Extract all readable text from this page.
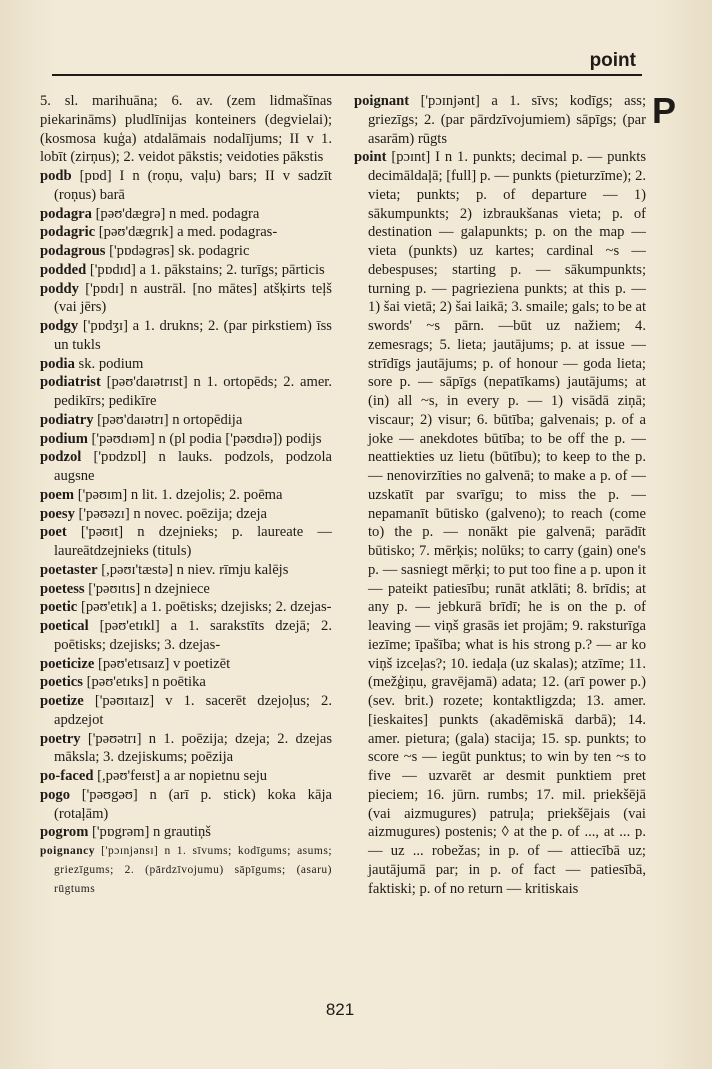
point
P

5. sl. marihuāna; 6. av. (zem lidmašīnas piekarināms) pludlīnijas konteiners (degvielai); (kosmosa kuģa) atdalāmais nodalījums; II v 1. lobīt (zirņus); 2. veidot pākstis; veidoties pākstis

podb [pɒd] I n (roņu, vaļu) bars; II v sadzīt (roņus) barā

podagra [pəʊ'dægrə] n med. podagra

podagric [pəʊ'dægrɪk] a med. podagras-

podagrous ['pɒdəgrəs] sk. podagric

podded ['pɒdɪd] a 1. pākstains; 2. turīgs; pārticis

poddy ['pɒdɪ] n austrāl. [no mātes] atšķirts teļš (vai jērs)

podgy ['pɒdʒɪ] a 1. drukns; 2. (par pirkstiem) īss un tukls

podia sk. podium

podiatrist [pəʊ'daɪətrɪst] n 1. ortopēds; 2. amer. pedikīrs; pedikīre

podiatry [pəʊ'daɪətrɪ] n ortopēdija

podium ['pəʊdɪəm] n (pl podia ['pəʊdɪə]) podijs

podzol ['pɒdzɒl] n lauks. podzols, podzola augsne

poem ['pəʊɪm] n lit. 1. dzejolis; 2. poēma

poesy ['pəʊəzɪ] n novec. poēzija; dzeja

poet ['pəʊɪt] n dzejnieks; p. laureate — laureātdzejnieks (tituls)

poetaster [,pəʊɪ'tæstə] n niev. rīmju kalējs

poetess ['pəʊɪtɪs] n dzejniece

poetic [pəʊ'etɪk] a 1. poētisks; dzejisks; 2. dzejas-

poetical [pəʊ'etɪkl] a 1. sarakstīts dzejā; 2. poētisks; dzejisks; 3. dzejas-

poeticize [pəʊ'etɪsaɪz] v poetizēt

poetics [pəʊ'etɪks] n poētika

poetize ['pəʊɪtaɪz] v 1. sacerēt dzejoļus; 2. apdzejot

poetry ['pəʊətrɪ] n 1. poēzija; dzeja; 2. dzejas māksla; 3. dzejiskums; poēzija

po-faced [,pəʊ'feɪst] a ar nopietnu seju

pogo ['pəʊgəʊ] n (arī p. stick) koka kāja (rotaļām)

pogrom ['pɒgrəm] n grautiņš

poignancy ['pɔɪnjənsɪ] n 1. sīvums; kodīgums; asums; griezīgums; 2. (pārdzīvojumu) sāpīgums; (asaru) rūgtums

poignant ['pɔɪnjənt] a 1. sīvs; kodīgs; ass; griezīgs; 2. (par pārdzīvojumiem) sāpīgs; (par asarām) rūgts

point [pɔɪnt] I n 1. punkts; decimal p. — punkts decimāldaļā; [full] p. — punkts (pieturzīme); 2. vieta; punkts; p. of departure — 1) sākumpunkts; 2) izbraukšanas vieta; p. of destination — galapunkts; p. on the map — vieta (punkts) uz kartes; cardinal ~s — debespuses; starting p. — sākumpunkts; turning p. — pagrieziena punkts; at this p. — 1) šai vietā; 2) šai laikā; 3. smaile; gals; to be at swords' ~s pārn. —būt uz nažiem; 4. zemesrags; 5. lieta; jautājums; p. at issue — strīdīgs jautājums; p. of honour — goda lieta; sore p. — sāpīgs (nepatīkams) jautājums; at (in) all ~s, in every p. — 1) visādā ziņā; viscaur; 2) visur; 6. būtība; galvenais; p. of a joke — anekdotes būtība; to be off the p. — neattiekties uz lietu (būtību); to keep to the p. — nenovirzīties no galvenā; to make a p. of — uzskatīt par svarīgu; to miss the p. — nepamanīt būtisko (galveno); to reach (come to) the p. — nonākt pie galvenā; parādīt būtisko; 7. mērķis; nolūks; to carry (gain) one's p. — sasniegt mērķi; to put too fine a p. upon it — pateikt patiesību; runāt atklāti; 8. brīdis; at any p. — jebkurā brīdī; he is on the p. of leaving — viņš grasās iet projām; 9. raksturīga iezīme; īpašība; what is his strong p.? — ar ko viņš izceļas?; 10. iedaļa (uz skalas); atzīme; 11. (mežģiņu, gravējamā) adata; 12. (arī power p.) (sev. brit.) rozete; kontaktligzda; 13. amer. [ieskaites] punkts (akadēmiskā darbā); 14. amer. pietura; (gala) stacija; 15. sp. punkts; to score ~s — iegūt punktus; to win by ten ~s to five — uzvarēt ar desmit punktiem pret pieciem; 16. jūrn. rumbs; 17. mil. priekšējā (vai aizmugures) patruļa; priekšējais (vai aizmugures) postenis; ◊ at the p. of ..., at ... p. — uz ... robežas; in p. of — attiecībā uz; jautājumā par; in p. of fact — patiesībā, faktiski; p. of no return — kritiskais

821
